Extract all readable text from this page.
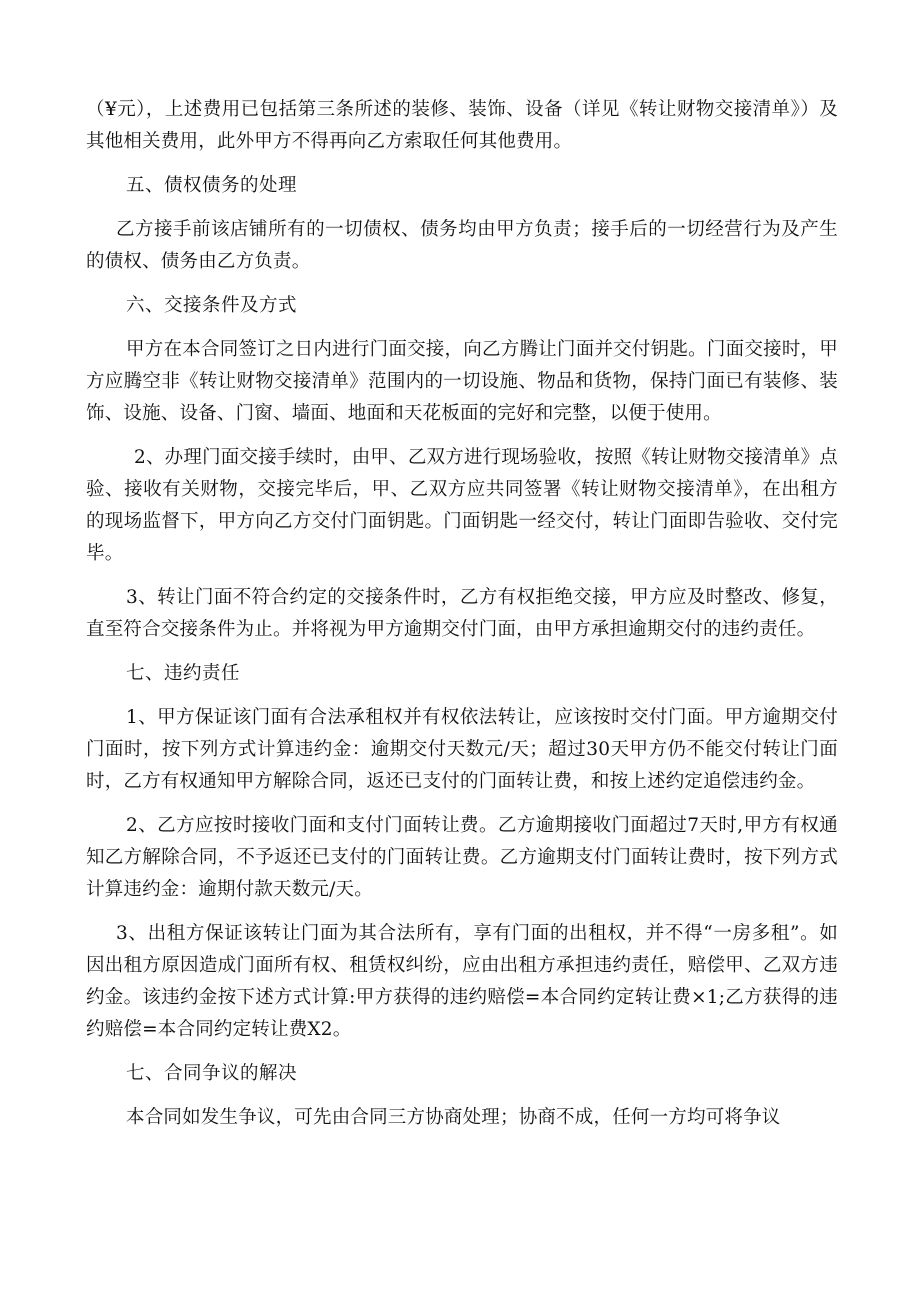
（¥元），上述费用已包括第三条所述的装修、装饰、设备（详见《转让财物交接清单》）及其他相关费用，此外甲方不得再向乙方索取任何其他费用。

五、债权债务的处理

乙方接手前该店铺所有的一切债权、债务均由甲方负责；接手后的一切经营行为及产生的债权、债务由乙方负责。

六、交接条件及方式

甲方在本合同签订之日内进行门面交接，向乙方腾让门面并交付钥匙。门面交接时，甲方应腾空非《转让财物交接清单》范围内的一切设施、物品和货物，保持门面已有装修、装饰、设施、设备、门窗、墙面、地面和天花板面的完好和完整，以便于使用。

2、办理门面交接手续时，由甲、乙双方进行现场验收，按照《转让财物交接清单》点验、接收有关财物，交接完毕后，甲、乙双方应共同签署《转让财物交接清单》，在出租方的现场监督下，甲方向乙方交付门面钥匙。门面钥匙一经交付，转让门面即告验收、交付完毕。

3、转让门面不符合约定的交接条件时，乙方有权拒绝交接，甲方应及时整改、修复，直至符合交接条件为止。并将视为甲方逾期交付门面，由甲方承担逾期交付的违约责任。

七、违约责任

1、甲方保证该门面有合法承租权并有权依法转让，应该按时交付门面。甲方逾期交付门面时，按下列方式计算违约金：逾期交付天数元/天；超过30天甲方仍不能交付转让门面时，乙方有权通知甲方解除合同，返还已支付的门面转让费，和按上述约定追偿违约金。

2、乙方应按时接收门面和支付门面转让费。乙方逾期接收门面超过7天时,甲方有权通知乙方解除合同，不予返还已支付的门面转让费。乙方逾期支付门面转让费时，按下列方式计算违约金：逾期付款天数元/天。

3、出租方保证该转让门面为其合法所有，享有门面的出租权，并不得“一房多租”。如因出租方原因造成门面所有权、租赁权纠纷，应由出租方承担违约责任，赔偿甲、乙双方违约金。该违约金按下述方式计算:甲方获得的违约赔偿=本合同约定转让费×1;乙方获得的违约赔偿=本合同约定转让费X2。

七、合同争议的解决

本合同如发生争议，可先由合同三方协商处理；协商不成，任何一方均可将争议
